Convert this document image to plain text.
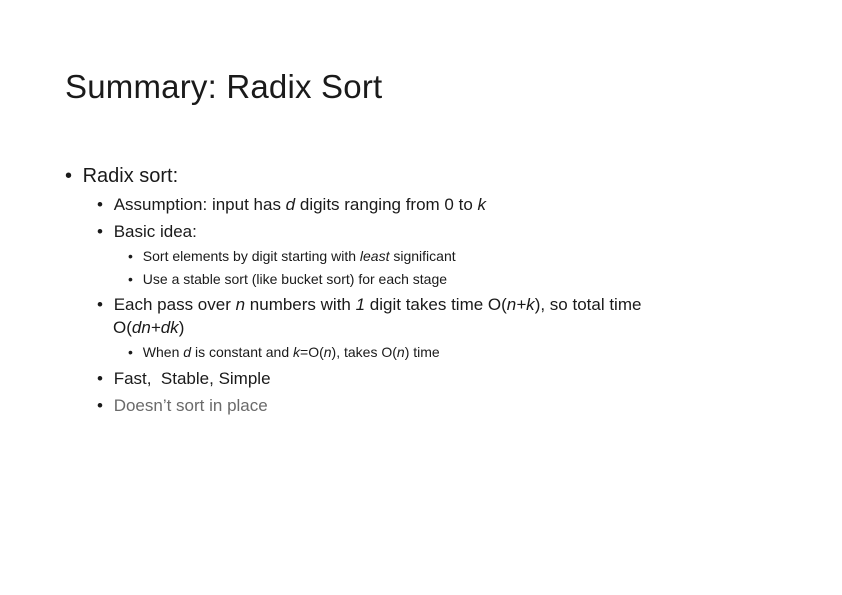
Summary: Radix Sort
• Radix sort:
• Assumption: input has d digits ranging from 0 to k
• Basic idea:
• Sort elements by digit starting with least significant
• Use a stable sort (like bucket sort) for each stage
• Each pass over n numbers with 1 digit takes time O(n+k), so total time
O(dn+dk)
• When d is constant and k=O(n), takes O(n) time
• Fast,  Stable, Simple
• Doesn’t sort in place
